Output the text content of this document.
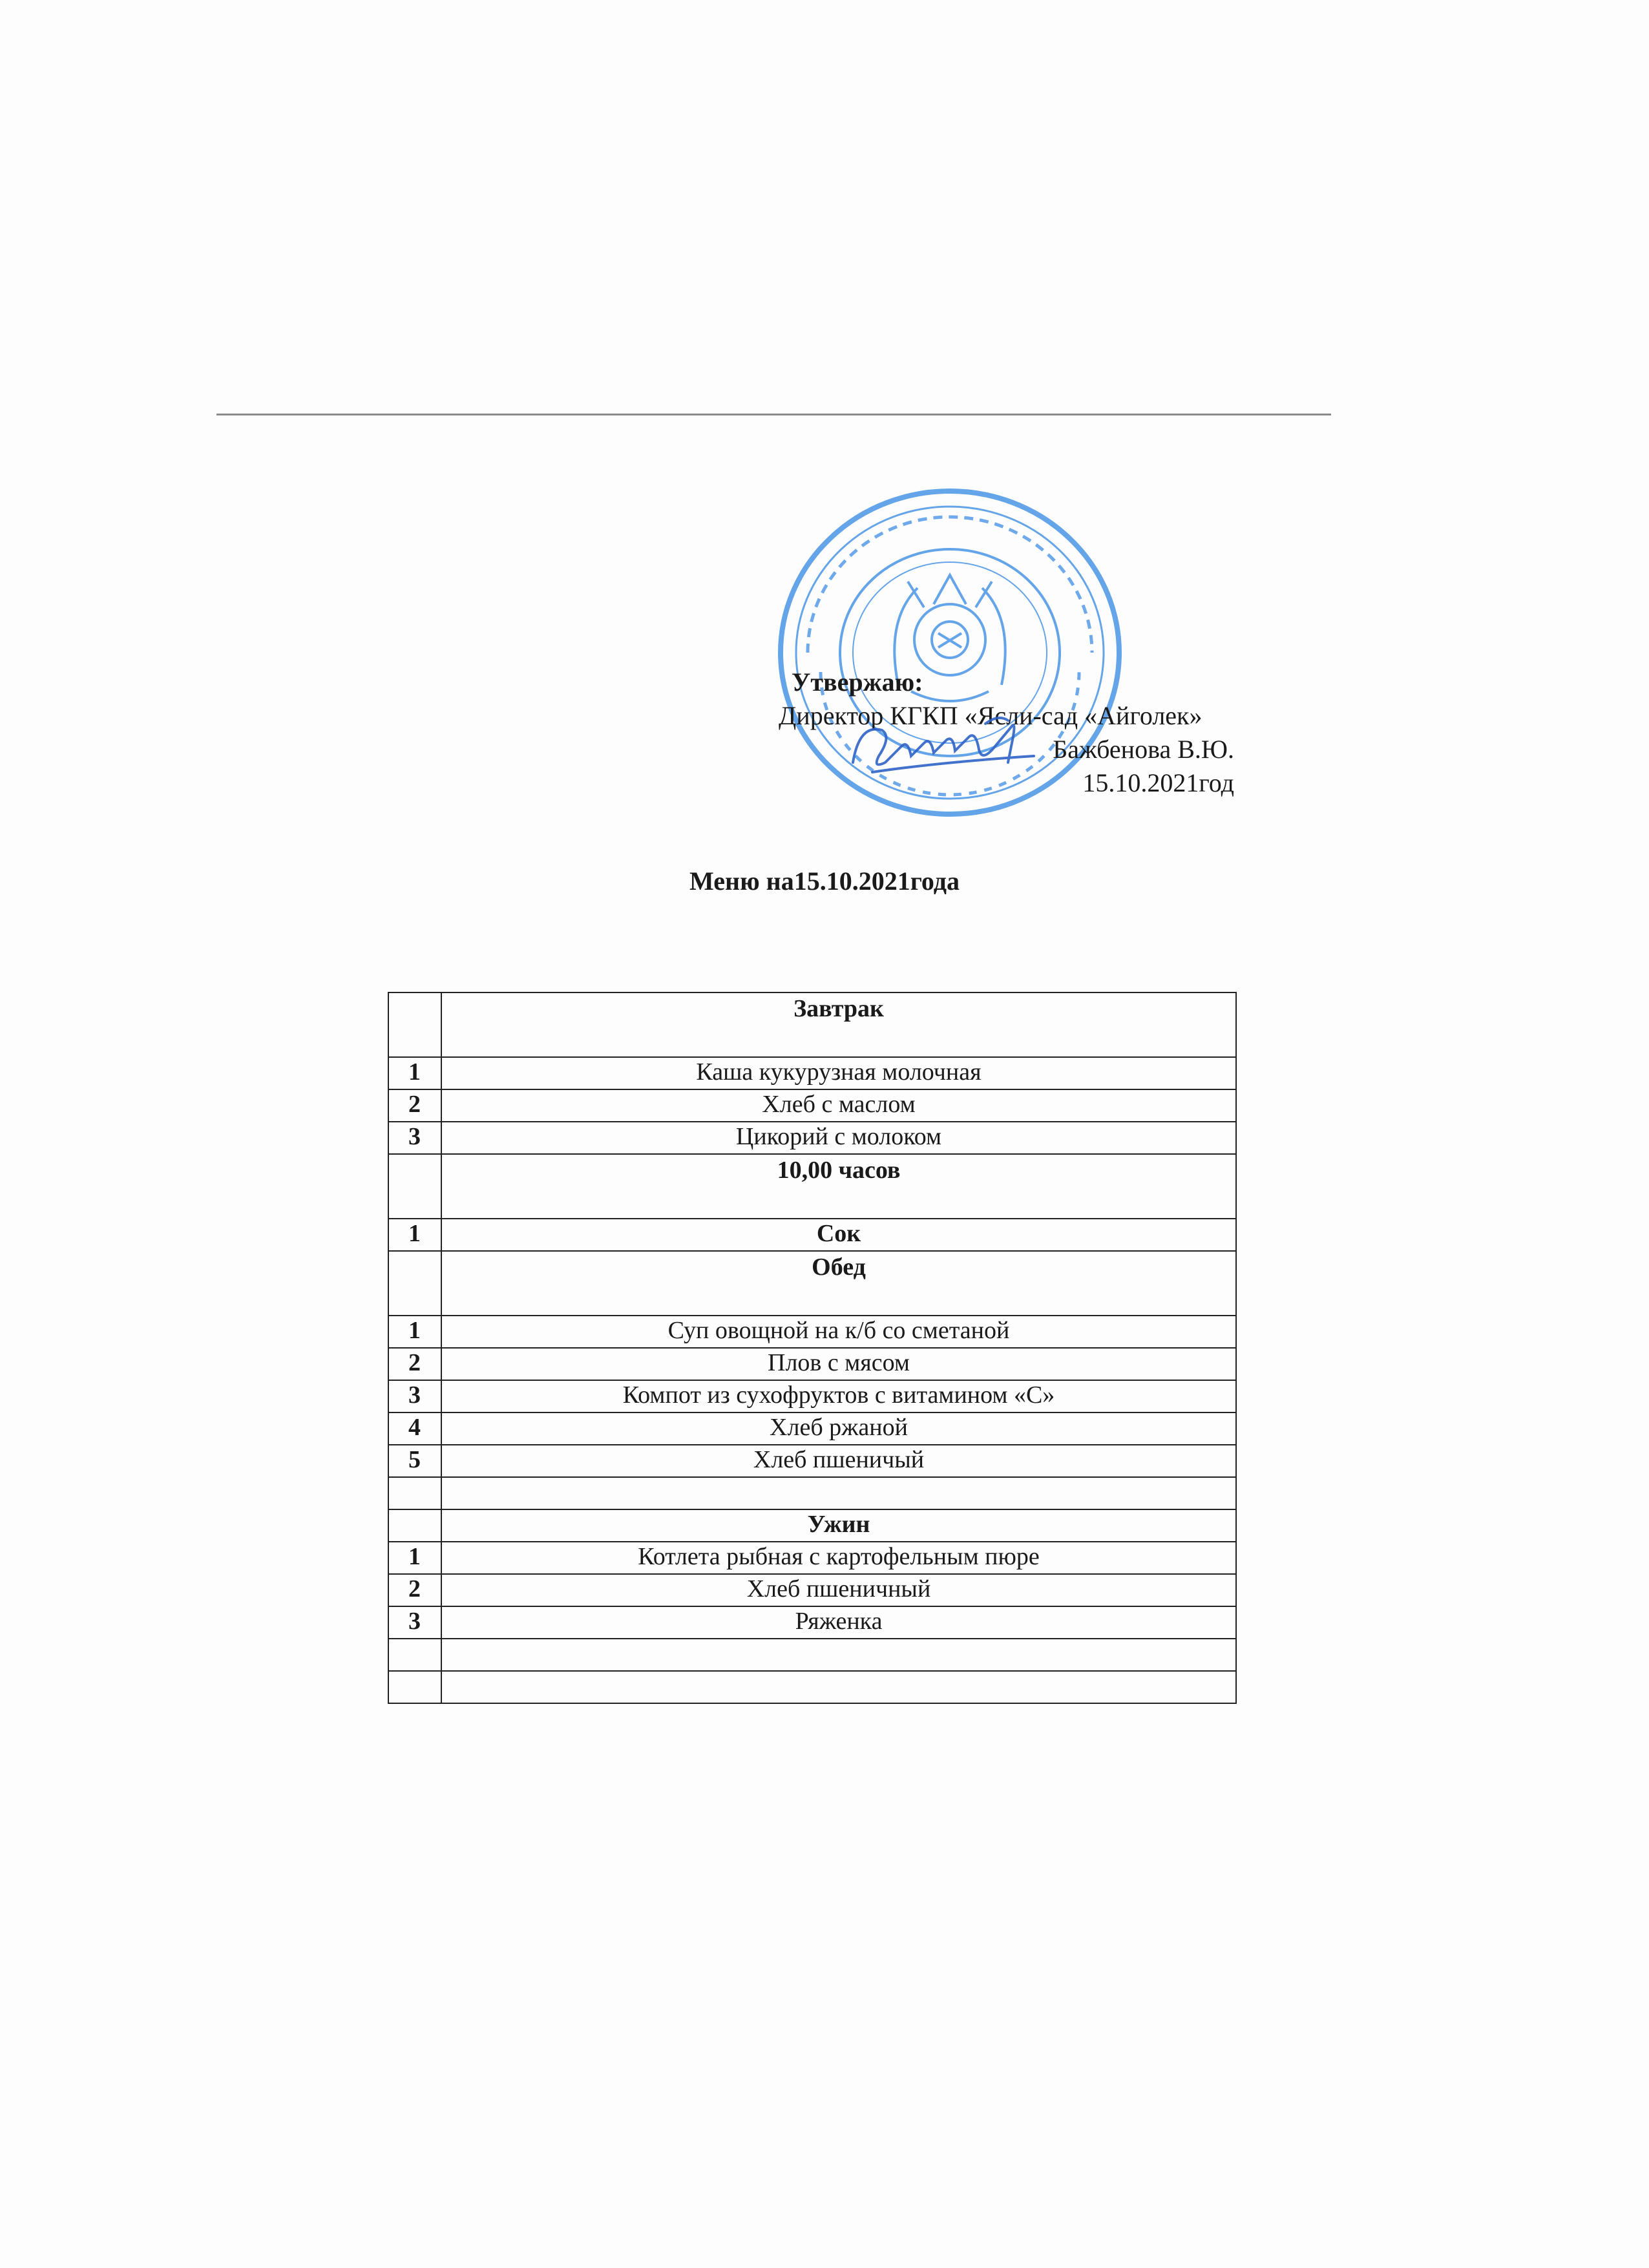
Утвержаю:
Директор КГКП «Ясли-сад «Айголек»
Бажбенова В.Ю.
15.10.2021год
Меню на15.10.2021года
	Завтрак
1	Каша кукурузная молочная
2	Хлеб с маслом
3	Цикорий с молоком
	10,00 часов
1	Сок
	Обед
1	Суп овощной на к/б со сметаной
2	Плов с мясом
3	Компот из сухофруктов с витамином «С»
4	Хлеб ржаной
5	Хлеб пшеничый

	Ужин
1	Котлета рыбная с картофельным пюре
2	Хлеб пшеничный
3	Ряженка
